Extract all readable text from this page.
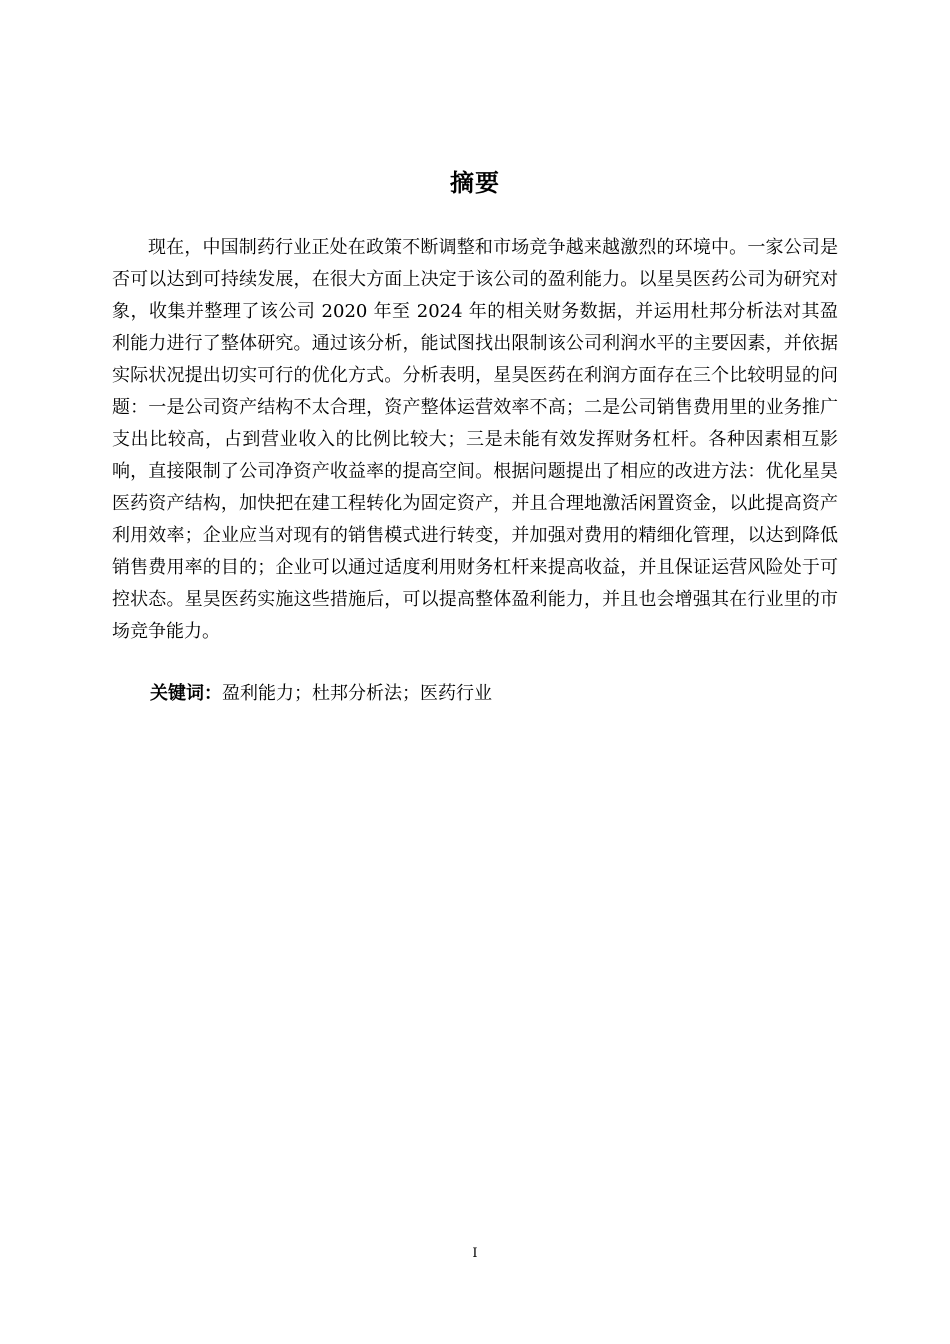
摘要

现在，中国制药行业正处在政策不断调整和市场竞争越来越激烈的环境中。一家公司是否可以达到可持续发展，在很大方面上决定于该公司的盈利能力。以星昊医药公司为研究对象，收集并整理了该公司 2020 年至 2024 年的相关财务数据，并运用杜邦分析法对其盈利能力进行了整体研究。通过该分析，能试图找出限制该公司利润水平的主要因素，并依据实际状况提出切实可行的优化方式。分析表明，星昊医药在利润方面存在三个比较明显的问题：一是公司资产结构不太合理，资产整体运营效率不高；二是公司销售费用里的业务推广支出比较高，占到营业收入的比例比较大；三是未能有效发挥财务杠杆。各种因素相互影响，直接限制了公司净资产收益率的提高空间。根据问题提出了相应的改进方法：优化星昊医药资产结构，加快把在建工程转化为固定资产，并且合理地激活闲置资金，以此提高资产利用效率；企业应当对现有的销售模式进行转变，并加强对费用的精细化管理，以达到降低销售费用率的目的；企业可以通过适度利用财务杠杆来提高收益，并且保证运营风险处于可控状态。星昊医药实施这些措施后，可以提高整体盈利能力，并且也会增强其在行业里的市场竞争能力。

关键词：盈利能力；杜邦分析法；医药行业

I
